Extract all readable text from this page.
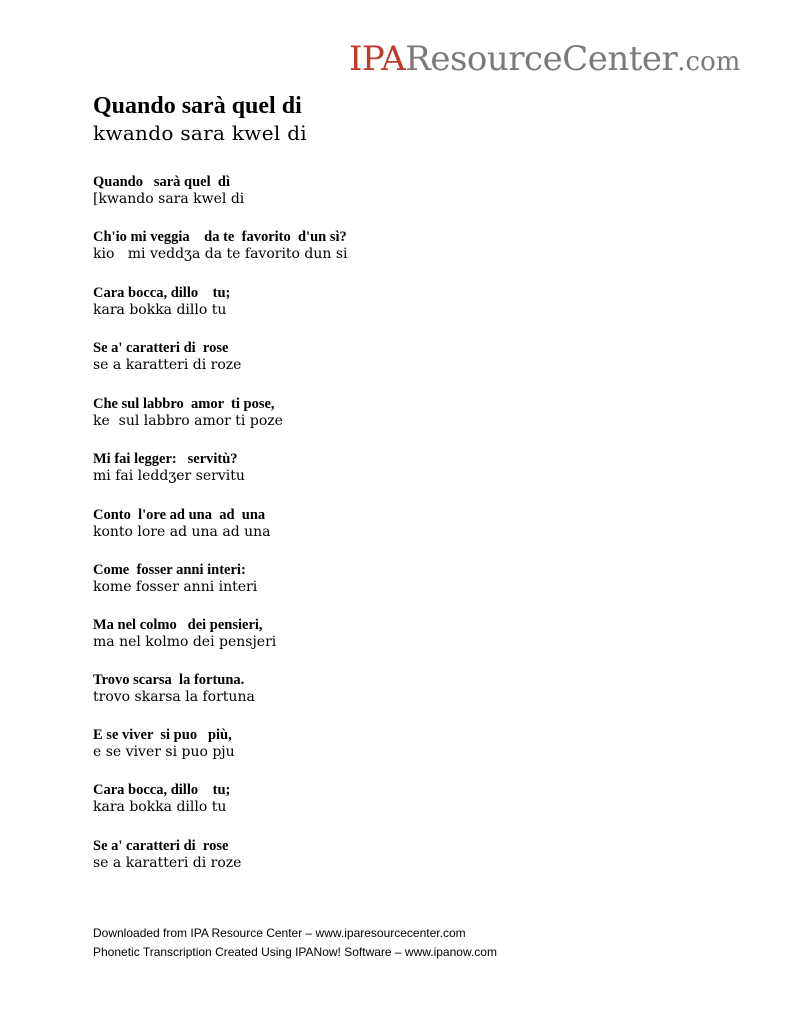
IPAResourceCenter.com
Quando sarà quel di
kwando sara kwel di
Quando   sarà quel  dì
[kwando sara kwel di
Ch'io mi veggia    da te  favorito  d'un sì?
kio   mi veddʒa da te favorito dun si
Cara bocca, dillo    tu;
kara bokka dillo tu
Se a' caratteri di  rose
se a karatteri di roze
Che sul labbro  amor  ti pose,
ke  sul labbro amor ti poze
Mi fai legger:   servitù?
mi fai leddʒer servitu
Conto  l'ore ad una  ad  una
konto lore ad una ad una
Come  fosser anni interi:
kome fosser anni interi
Ma nel colmo   dei pensieri,
ma nel kolmo dei pensjeri
Trovo scarsa  la fortuna.
trovo skarsa la fortuna
E se viver  si puo   più,
e se viver si puo pju
Cara bocca, dillo    tu;
kara bokka dillo tu
Se a' caratteri di  rose
se a karatteri di roze
Downloaded from IPA Resource Center – www.iparesourcecenter.com
Phonetic Transcription Created Using IPANow! Software – www.ipanow.com
